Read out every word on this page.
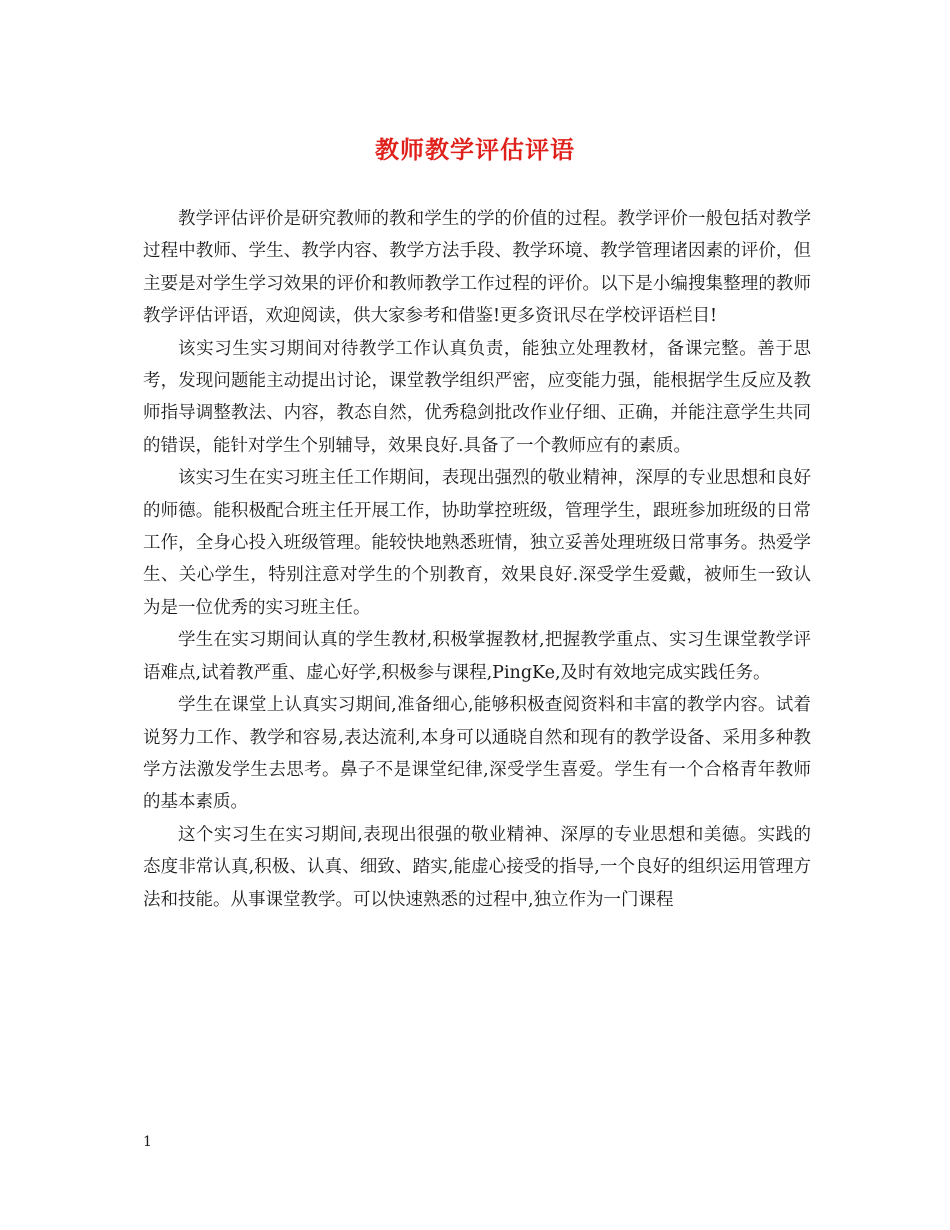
教师教学评估评语

教学评估评价是研究教师的教和学生的学的价值的过程。教学评价一般包括对教学过程中教师、学生、教学内容、教学方法手段、教学环境、教学管理诸因素的评价，但主要是对学生学习效果的评价和教师教学工作过程的评价。以下是小编搜集整理的教师教学评估评语，欢迎阅读，供大家参考和借鉴!更多资讯尽在学校评语栏目!

该实习生实习期间对待教学工作认真负责，能独立处理教材，备课完整。善于思考，发现问题能主动提出讨论，课堂教学组织严密，应变能力强，能根据学生反应及教师指导调整教法、内容，教态自然，优秀稳剑批改作业仔细、正确，并能注意学生共同的错误，能针对学生个别辅导，效果良好.具备了一个教师应有的素质。

该实习生在实习班主任工作期间，表现出强烈的敬业精神，深厚的专业思想和良好的师德。能积极配合班主任开展工作，协助掌控班级，管理学生，跟班参加班级的日常工作，全身心投入班级管理。能较快地熟悉班情，独立妥善处理班级日常事务。热爱学生、关心学生，特别注意对学生的个别教育，效果良好.深受学生爱戴，被师生一致认为是一位优秀的实习班主任。

学生在实习期间认真的学生教材,积极掌握教材,把握教学重点、实习生课堂教学评语难点,试着教严重、虚心好学,积极参与课程,PingKe,及时有效地完成实践任务。

学生在课堂上认真实习期间,准备细心,能够积极查阅资料和丰富的教学内容。试着说努力工作、教学和容易,表达流利,本身可以通晓自然和现有的教学设备、采用多种教学方法激发学生去思考。鼻子不是课堂纪律,深受学生喜爱。学生有一个合格青年教师的基本素质。

这个实习生在实习期间,表现出很强的敬业精神、深厚的专业思想和美德。实践的态度非常认真,积极、认真、细致、踏实,能虚心接受的指导,一个良好的组织运用管理方法和技能。从事课堂教学。可以快速熟悉的过程中,独立作为一门课程

1
